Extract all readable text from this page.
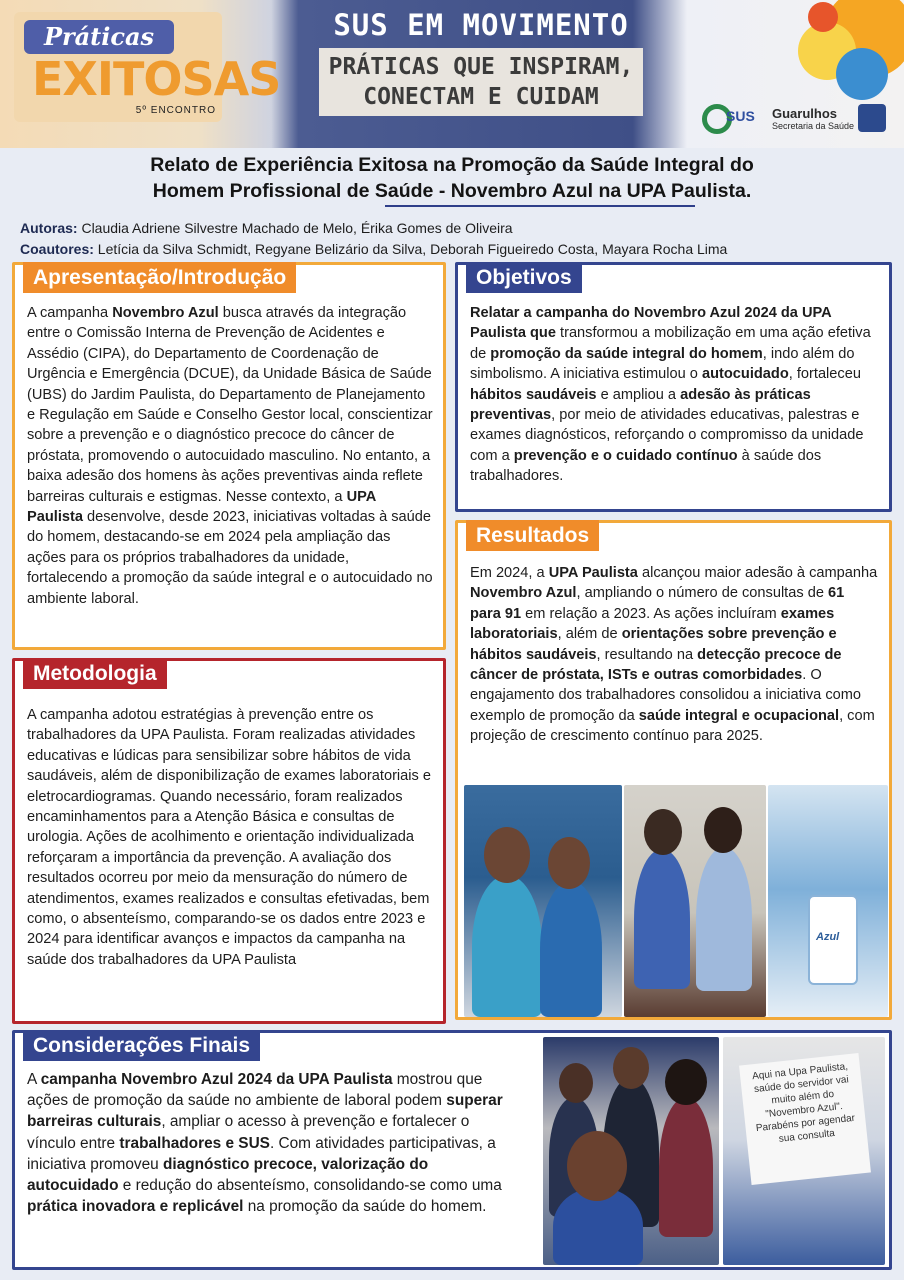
Práticas
EXITOSAS
5º ENCONTRO
SUS EM MOVIMENTO
PRÁTICAS QUE INSPIRAM,
CONECTAM E CUIDAM
SUS Guarulhos
Secretaria da Saúde
Relato de Experiência Exitosa na Promoção da Saúde Integral do
Homem Profissional de Saúde - Novembro Azul na UPA Paulista.
Autoras: Claudia Adriene Silvestre Machado de Melo, Érika Gomes de Oliveira
Coautores: Letícia da Silva Schmidt, Regyane Belizário da Silva, Deborah Figueiredo Costa, Mayara Rocha Lima
Apresentação/Introdução
A campanha Novembro Azul busca através da integração entre o Comissão Interna de Prevenção de Acidentes e Assédio (CIPA), do Departamento de Coordenação de Urgência e Emergência (DCUE), da Unidade Básica de Saúde (UBS) do Jardim Paulista, do Departamento de Planejamento e Regulação em Saúde e Conselho Gestor local, conscientizar sobre a prevenção e o diagnóstico precoce do câncer de próstata, promovendo o autocuidado masculino. No entanto, a baixa adesão dos homens às ações preventivas ainda reflete barreiras culturais e estigmas. Nesse contexto, a UPA Paulista desenvolve, desde 2023, iniciativas voltadas à saúde do homem, destacando-se em 2024 pela ampliação das ações para os próprios trabalhadores da unidade, fortalecendo a promoção da saúde integral e o autocuidado no ambiente laboral.
Objetivos
Relatar a campanha do Novembro Azul 2024 da UPA Paulista que transformou a mobilização em uma ação efetiva de promoção da saúde integral do homem, indo além do simbolismo. A iniciativa estimulou o autocuidado, fortaleceu hábitos saudáveis e ampliou a adesão às práticas preventivas, por meio de atividades educativas, palestras e exames diagnósticos, reforçando o compromisso da unidade com a prevenção e o cuidado contínuo à saúde dos trabalhadores.
Resultados
Em 2024, a UPA Paulista alcançou maior adesão à campanha Novembro Azul, ampliando o número de consultas de 61 para 91 em relação a 2023. As ações incluíram exames laboratoriais, além de orientações sobre prevenção e hábitos saudáveis, resultando na detecção precoce de câncer de próstata, ISTs e outras comorbidades. O engajamento dos trabalhadores consolidou a iniciativa como exemplo de promoção da saúde integral e ocupacional, com projeção de crescimento contínuo para 2025.
Azul
Metodologia
A campanha adotou estratégias à prevenção entre os trabalhadores da UPA Paulista. Foram realizadas atividades educativas e lúdicas para sensibilizar sobre hábitos de vida saudáveis, além de disponibilização de exames laboratoriais e eletrocardiogramas. Quando necessário, foram realizados encaminhamentos para a Atenção Básica e consultas de urologia. Ações de acolhimento e orientação individualizada reforçaram a importância da prevenção. A avaliação dos resultados ocorreu por meio da mensuração do número de atendimentos, exames realizados e consultas efetivadas, bem como, o absenteísmo, comparando-se os dados entre 2023 e 2024 para identificar avanços e impactos da campanha na saúde dos trabalhadores da UPA Paulista
Considerações Finais
A campanha Novembro Azul 2024 da UPA Paulista mostrou que ações de promoção da saúde no ambiente de laboral podem superar barreiras culturais, ampliar o acesso à prevenção e fortalecer o vínculo entre trabalhadores e SUS. Com atividades participativas, a iniciativa promoveu diagnóstico precoce, valorização do autocuidado e redução do absenteísmo, consolidando-se como uma prática inovadora e replicável na promoção da saúde do homem.
Aqui na Upa Paulista, saúde do servidor vai muito além do "Novembro Azul". Parabéns por agendar sua consulta
